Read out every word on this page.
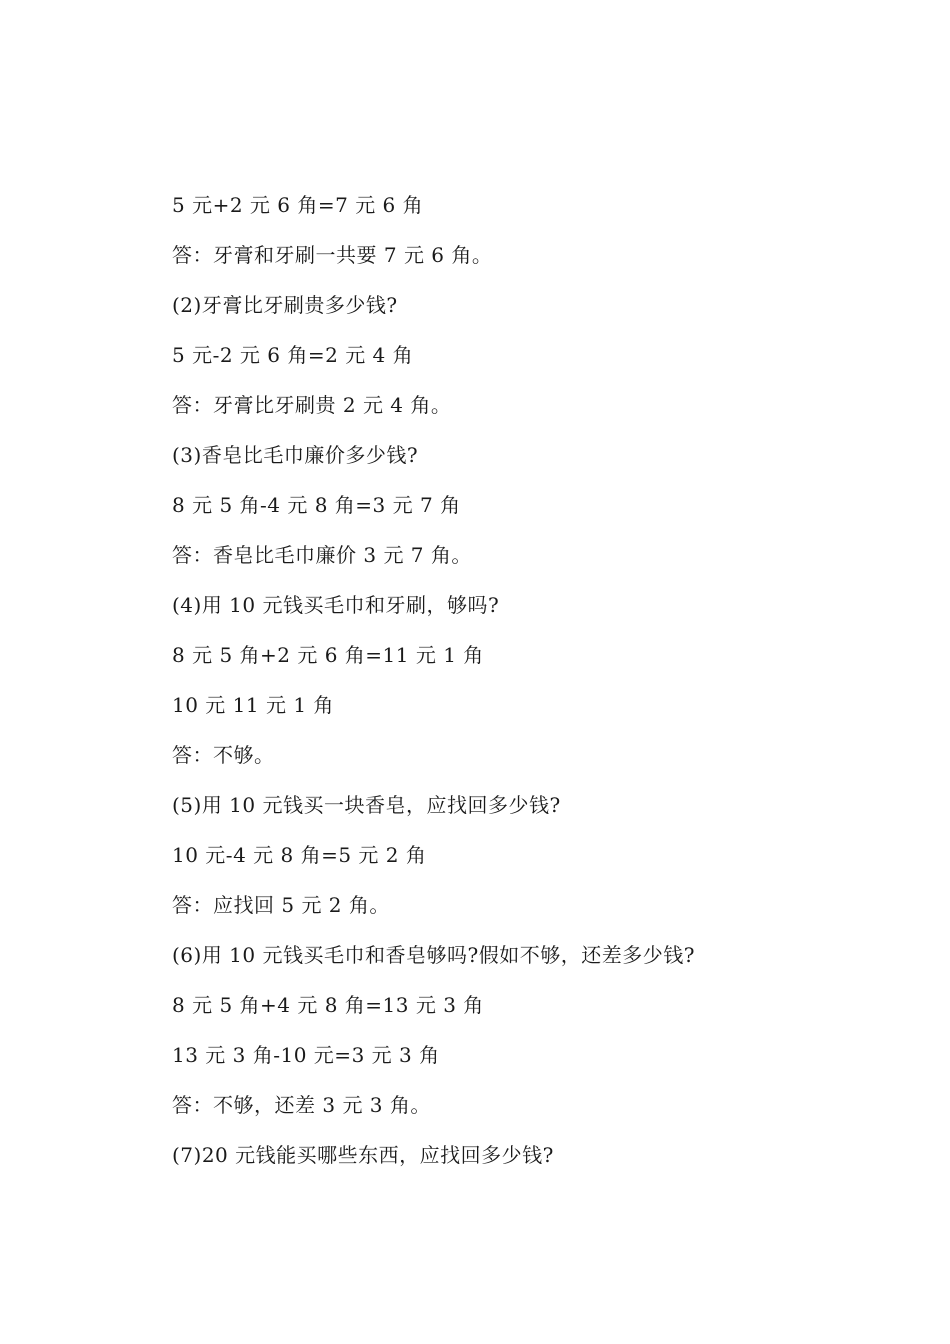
5 元+2 元 6 角=7 元 6 角
答：牙膏和牙刷一共要 7 元 6 角。
(2)牙膏比牙刷贵多少钱?
5 元-2 元 6 角=2 元 4 角
答：牙膏比牙刷贵 2 元 4 角。
(3)香皂比毛巾廉价多少钱?
8 元 5 角-4 元 8 角=3 元 7 角
答：香皂比毛巾廉价 3 元 7 角。
(4)用 10 元钱买毛巾和牙刷，够吗?
8 元 5 角+2 元 6 角=11 元 1 角
10 元 11 元 1 角
答：不够。
(5)用 10 元钱买一块香皂，应找回多少钱?
10 元-4 元 8 角=5 元 2 角
答：应找回 5 元 2 角。
(6)用 10 元钱买毛巾和香皂够吗?假如不够，还差多少钱?
8 元 5 角+4 元 8 角=13 元 3 角
13 元 3 角-10 元=3 元 3 角
答：不够，还差 3 元 3 角。
(7)20 元钱能买哪些东西，应找回多少钱?
